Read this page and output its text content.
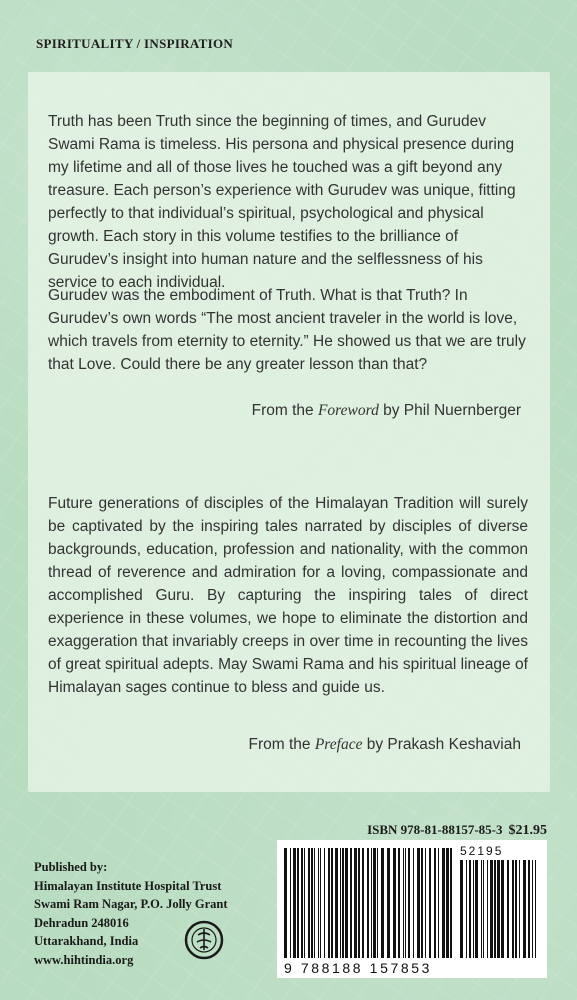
SPIRITUALITY / INSPIRATION

Truth has been Truth since the beginning of times, and Gurudev Swami Rama is timeless. His persona and physical presence during my lifetime and all of those lives he touched was a gift beyond any treasure. Each person’s experience with Gurudev was unique, fitting perfectly to that individual’s spiritual, psychological and physical growth. Each story in this volume testifies to the brilliance of Gurudev’s insight into human nature and the selflessness of his service to each individual.

Gurudev was the embodiment of Truth. What is that Truth? In Gurudev’s own words “The most ancient traveler in the world is love, which travels from eternity to eternity.” He showed us that we are truly that Love. Could there be any greater lesson than that?

From the Foreword by Phil Nuernberger

Future generations of disciples of the Himalayan Tradition will surely be captivated by the inspiring tales narrated by disciples of diverse backgrounds, education, profession and nationality, with the common thread of reverence and admiration for a loving, compassionate and accomplished Guru. By capturing the inspiring tales of direct experience in these volumes, we hope to eliminate the distortion and exaggeration that invariably creeps in over time in recounting the lives of great spiritual adepts. May Swami Rama and his spiritual lineage of Himalayan sages continue to bless and guide us.

From the Preface by Prakash Keshaviah
ISBN 978-81-88157-85-3 $21.95
Published by:
Himalayan Institute Hospital Trust
Swami Ram Nagar, P.O. Jolly Grant
Dehradun 248016
Uttarakhand, India
www.hihtindia.org
52195
9 788188 157853
